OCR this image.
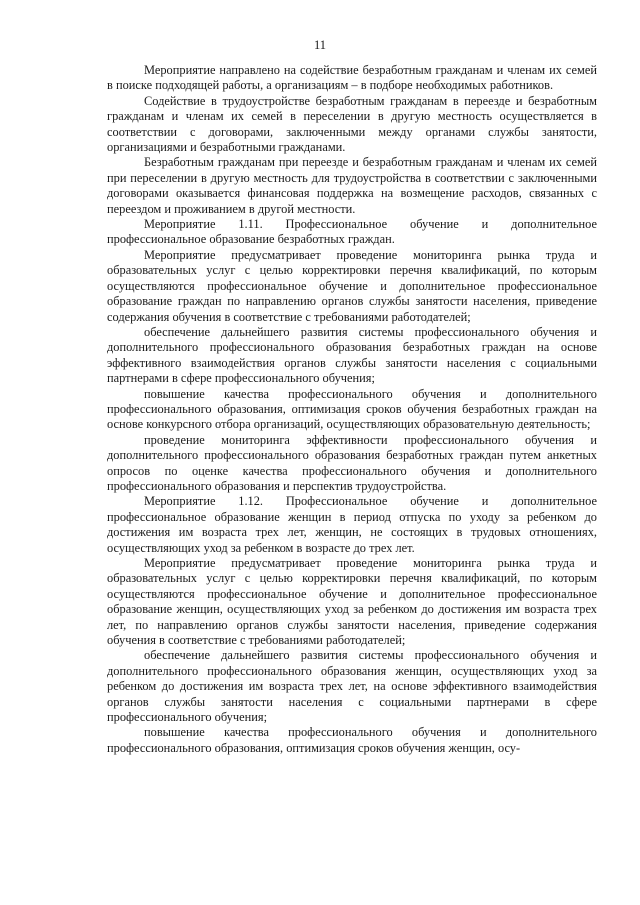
11

Мероприятие направлено на содействие безработным гражданам и членам их семей в поиске подходящей работы, а организациям – в подборе необходимых работников.

Содействие в трудоустройстве безработным гражданам в переезде и безработным гражданам и членам их семей в переселении в другую местность осуществляется в соответствии с договорами, заключенными между органами службы занятости, организациями и безработными гражданами.

Безработным гражданам при переезде и безработным гражданам и членам их семей при переселении в другую местность для трудоустройства в соответствии с заключенными договорами оказывается финансовая поддержка на возмещение расходов, связанных с переездом и проживанием в другой местности.

Мероприятие 1.11. Профессиональное обучение и дополнительное профессиональное образование безработных граждан.

Мероприятие предусматривает проведение мониторинга рынка труда и образовательных услуг с целью корректировки перечня квалификаций, по которым осуществляются профессиональное обучение и дополнительное профессиональное образование граждан по направлению органов службы занятости населения, приведение содержания обучения в соответствие с требованиями работодателей;

обеспечение дальнейшего развития системы профессионального обучения и дополнительного профессионального образования безработных граждан на основе эффективного взаимодействия органов службы занятости населения с социальными партнерами в сфере профессионального обучения;

повышение качества профессионального обучения и дополнительного профессионального образования, оптимизация сроков обучения безработных граждан на основе конкурсного отбора организаций, осуществляющих образовательную деятельность;

проведение мониторинга эффективности профессионального обучения и дополнительного профессионального образования безработных граждан путем анкетных опросов по оценке качества профессионального обучения и дополнительного профессионального образования и перспектив трудоустройства.

Мероприятие 1.12. Профессиональное обучение и дополнительное профессиональное образование женщин в период отпуска по уходу за ребенком до достижения им возраста трех лет, женщин, не состоящих в трудовых отношениях, осуществляющих уход за ребенком в возрасте до трех лет.

Мероприятие предусматривает проведение мониторинга рынка труда и образовательных услуг с целью корректировки перечня квалификаций, по которым осуществляются профессиональное обучение и дополнительное профессиональное образование женщин, осуществляющих уход за ребенком до достижения им возраста трех лет, по направлению органов службы занятости населения, приведение содержания обучения в соответствие с требованиями работодателей;

обеспечение дальнейшего развития системы профессионального обучения и дополнительного профессионального образования женщин, осуществляющих уход за ребенком до достижения им возраста трех лет, на основе эффективного взаимодействия органов службы занятости населения с социальными партнерами в сфере профессионального обучения;

повышение качества профессионального обучения и дополнительного профессионального образования, оптимизация сроков обучения женщин, осу-
